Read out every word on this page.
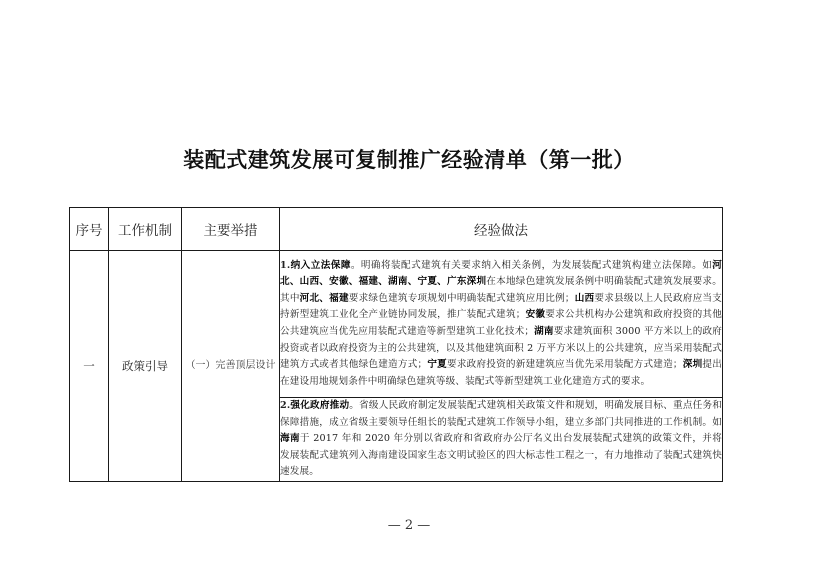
装配式建筑发展可复制推广经验清单（第一批）
序号	工作机制	主要举措	经验做法
一	政策引导	（一）完善顶层设计	1.纳入立法保障。明确将装配式建筑有关要求纳入相关条例，为发展装配式建筑构建立法保障。如河北、山西、安徽、福建、湖南、宁夏、广东深圳在本地绿色建筑发展条例中明确装配式建筑发展要求。其中河北、福建要求绿色建筑专项规划中明确装配式建筑应用比例；山西要求县级以上人民政府应当支持新型建筑工业化全产业链协同发展，推广装配式建筑；安徽要求公共机构办公建筑和政府投资的其他公共建筑应当优先应用装配式建造等新型建筑工业化技术；湖南要求建筑面积 3000 平方米以上的政府投资或者以政府投资为主的公共建筑，以及其他建筑面积 2 万平方米以上的公共建筑，应当采用装配式建筑方式或者其他绿色建造方式；宁夏要求政府投资的新建建筑应当优先采用装配方式建造；深圳提出在建设用地规划条件中明确绿色建筑等级、装配式等新型建筑工业化建造方式的要求。
			2.强化政府推动。省级人民政府制定发展装配式建筑相关政策文件和规划，明确发展目标、重点任务和保障措施，成立省级主要领导任组长的装配式建筑工作领导小组，建立多部门共同推进的工作机制。如海南于 2017 年和 2020 年分别以省政府和省政府办公厅名义出台发展装配式建筑的政策文件，并将发展装配式建筑列入海南建设国家生态文明试验区的四大标志性工程之一，有力地推动了装配式建筑快速发展。
— 2 —
